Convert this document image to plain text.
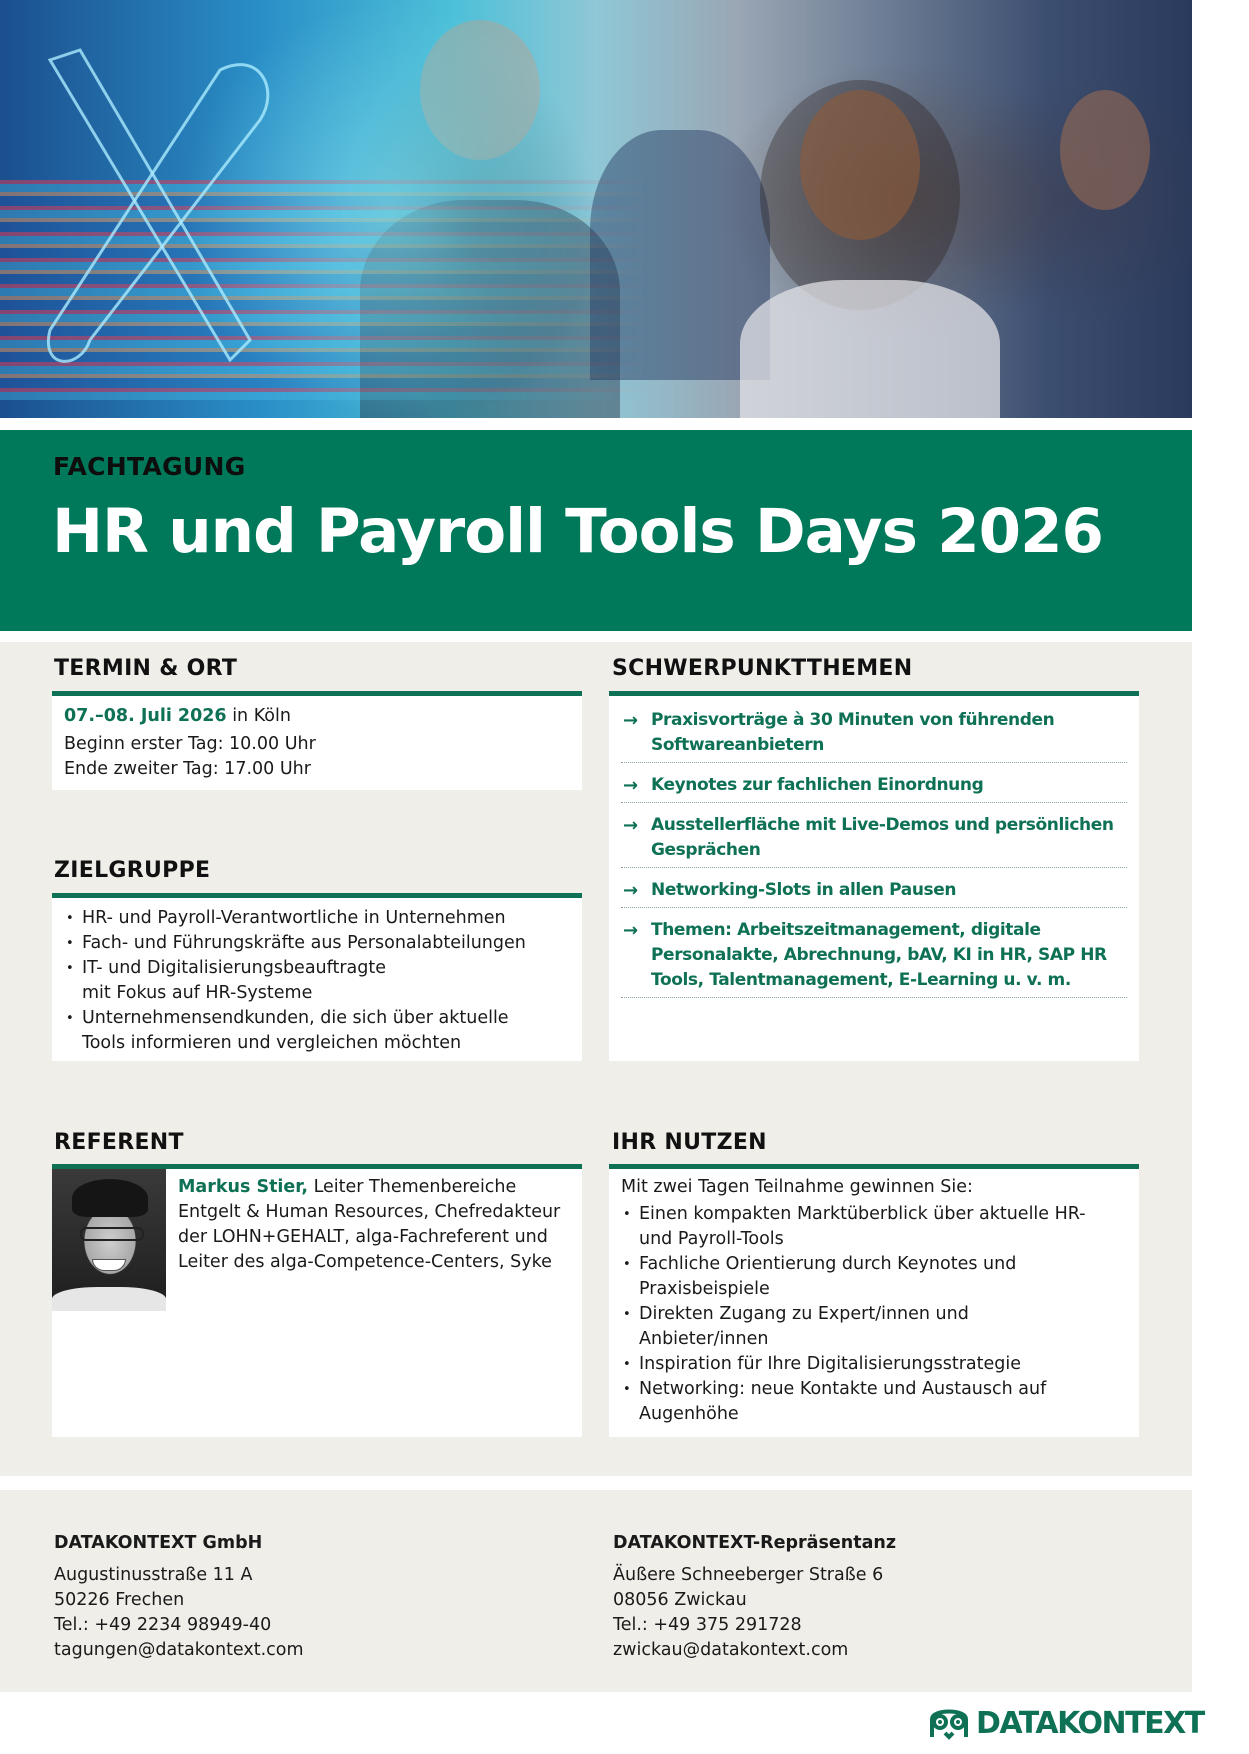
FACHTAGUNG
HR und Payroll Tools Days 2026
TERMIN & ORT
07.–08. Juli 2026 in Köln
Beginn erster Tag: 10.00 Uhr
Ende zweiter Tag: 17.00 Uhr
ZIELGRUPPE
• HR- und Payroll-Verantwortliche in Unternehmen
• Fach- und Führungskräfte aus Personalabteilungen
• IT- und Digitalisierungsbeauftragte mit Fokus auf HR-Systeme
• Unternehmensendkunden, die sich über aktuelle Tools informieren und vergleichen möchten
SCHWERPUNKTTHEMEN
→ Praxisvorträge à 30 Minuten von führenden Softwareanbietern
→ Keynotes zur fachlichen Einordnung
→ Ausstellerfläche mit Live-Demos und persönlichen Gesprächen
→ Networking-Slots in allen Pausen
→ Themen: Arbeitszeitmanagement, digitale Personalakte, Abrechnung, bAV, KI in HR, SAP HR Tools, Talentmanagement, E-Learning u. v. m.
REFERENT
Markus Stier, Leiter Themenbereiche Entgelt & Human Resources, Chefredakteur der LOHN+GEHALT, alga-Fachreferent und Leiter des alga-Competence-Centers, Syke
IHR NUTZEN
Mit zwei Tagen Teilnahme gewinnen Sie:
• Einen kompakten Marktüberblick über aktuelle HR- und Payroll-Tools
• Fachliche Orientierung durch Keynotes und Praxisbeispiele
• Direkten Zugang zu Expert/innen und Anbieter/innen
• Inspiration für Ihre Digitalisierungsstrategie
• Networking: neue Kontakte und Austausch auf Augenhöhe
DATAKONTEXT GmbH
Augustinusstraße 11 A
50226 Frechen
Tel.: +49 2234 98949-40
tagungen@datakontext.com
DATAKONTEXT-Repräsentanz
Äußere Schneeberger Straße 6
08056 Zwickau
Tel.: +49 375 291728
zwickau@datakontext.com
DATAKONTEXT
